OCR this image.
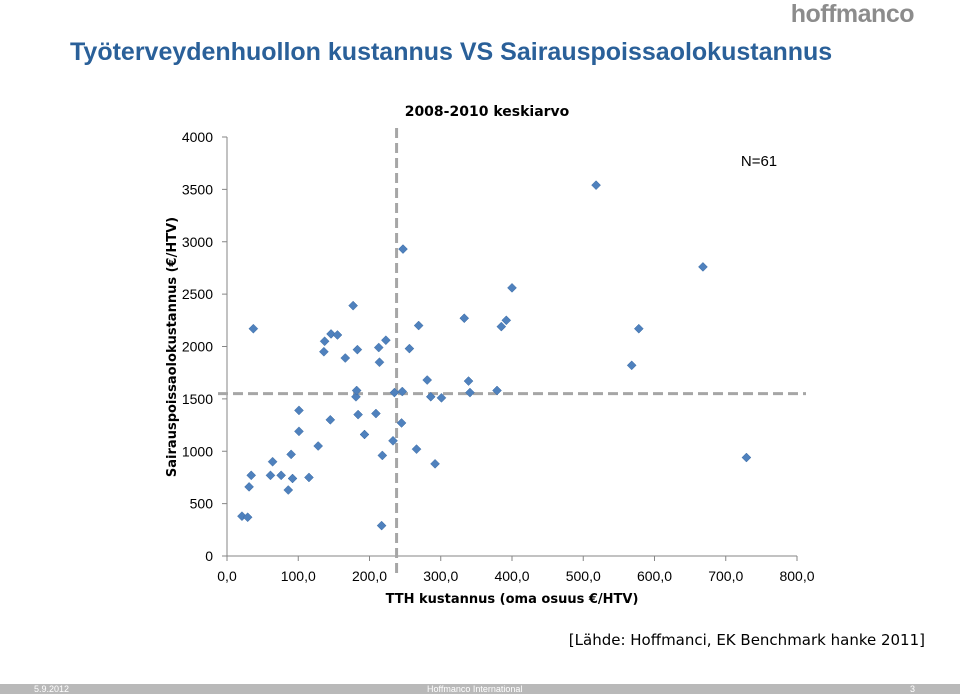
hoffmanco
Työterveydenhuollon kustannus VS Sairauspoissaolokustannus
0
500
1000
1500
2000
2500
3000
3500
4000
0,0	100,0	200,0	300,0	400,0	500,0	600,0	700,0	800,0
2008-2010 keskiarvo
N=61
TTH kustannus (oma osuus €/HTV)
Sairauspoissaolokustannus (€/HTV)
[Lähde: Hoffmanci, EK Benchmark hanke 2011]
5.9.2012	Hoffmanco International	3
